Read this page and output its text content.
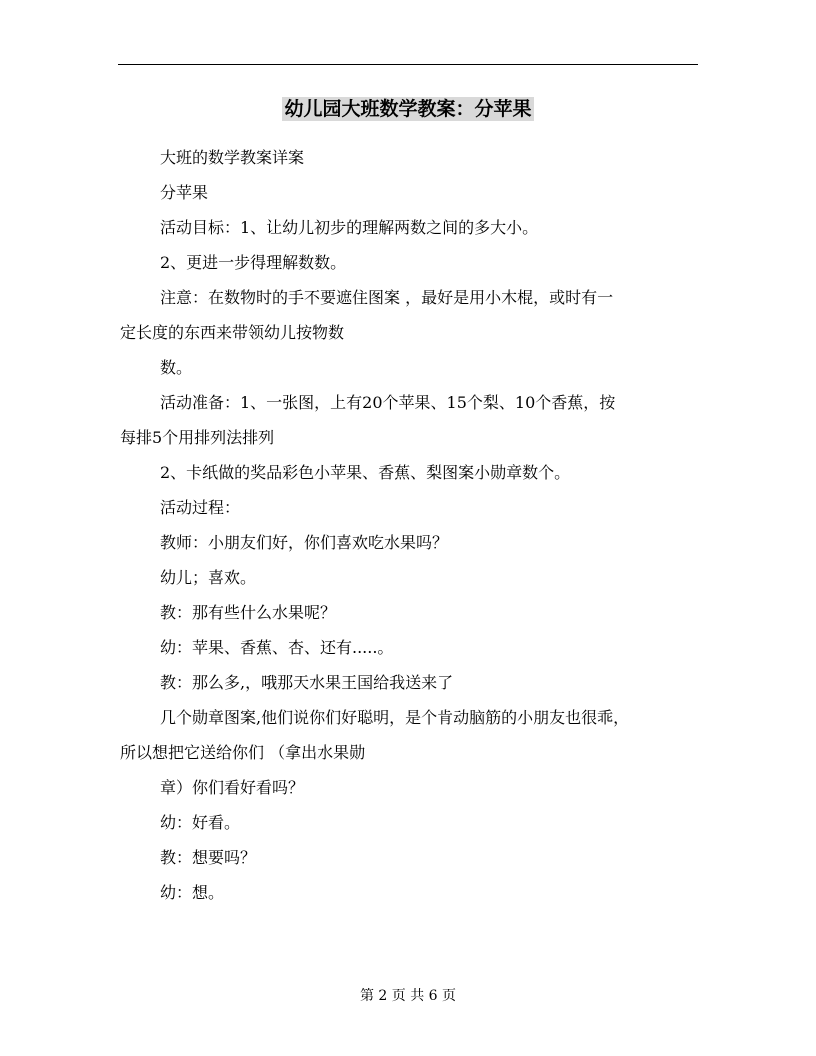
幼儿园大班数学教案：分苹果

大班的数学教案详案

分苹果

活动目标：1、让幼儿初步的理解两数之间的多大小。

2、更进一步得理解数数。

注意：在数物时的手不要遮住图案 ，最好是用小木棍，或时有一

定长度的东西来带领幼儿按物数

数。

活动准备：1、一张图，上有20个苹果、15个梨、10个香蕉，按

每排5个用排列法排列

2、卡纸做的奖品彩色小苹果、香蕉、梨图案小勋章数个。

活动过程：

教师：小朋友们好，你们喜欢吃水果吗？

幼儿；喜欢。

教：那有些什么水果呢？

幼：苹果、香蕉、杏、还有.....。

教：那么多,，哦那天水果王国给我送来了

几个勋章图案,他们说你们好聪明，是个肯动脑筋的小朋友也很乖，

所以想把它送给你们 （拿出水果勋

章）你们看好看吗？

幼：好看。

教：想要吗？

幼：想。

第 2 页 共 6 页
